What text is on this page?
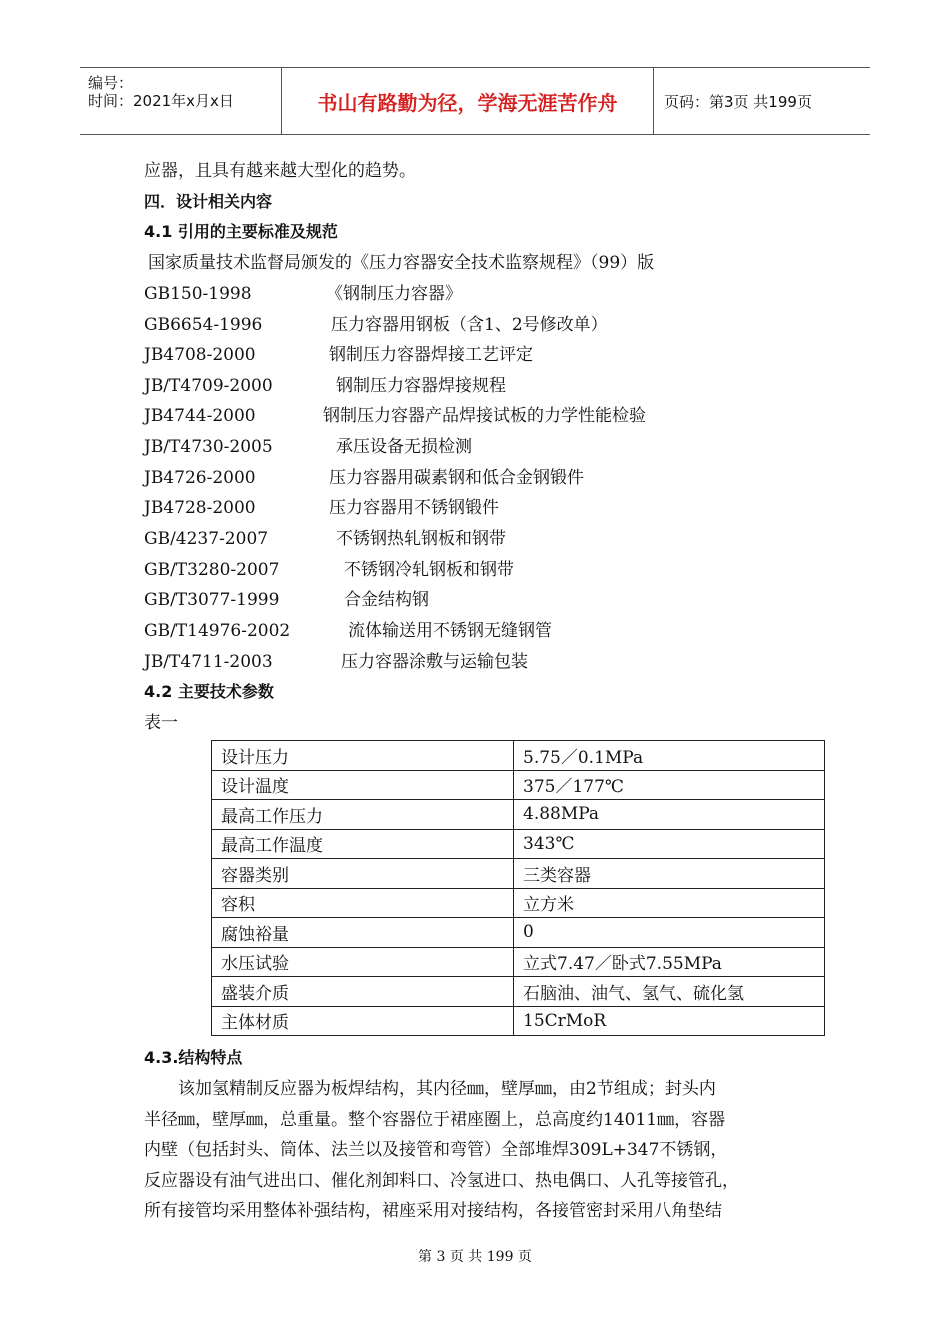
编号：
时间：2021年x月x日	书山有路勤为径，学海无涯苦作舟	页码：第3页 共199页
应器，且具有越来越大型化的趋势。
四．设计相关内容
4.1 引用的主要标准及规范
国家质量技术监督局颁发的《压力容器安全技术监察规程》（99）版
GB150-1998	《钢制压力容器》
GB6654-1996	压力容器用钢板（含1、2号修改单）
JB4708-2000	钢制压力容器焊接工艺评定
JB/T4709-2000	钢制压力容器焊接规程
JB4744-2000	钢制压力容器产品焊接试板的力学性能检验
JB/T4730-2005	承压设备无损检测
JB4726-2000	压力容器用碳素钢和低合金钢锻件
JB4728-2000	压力容器用不锈钢锻件
GB/4237-2007	不锈钢热轧钢板和钢带
GB/T3280-2007	不锈钢冷轧钢板和钢带
GB/T3077-1999	合金结构钢
GB/T14976-2002	流体输送用不锈钢无缝钢管
JB/T4711-2003	压力容器涂敷与运输包装
4.2 主要技术参数
表一
设计压力	5.75／0.1MPa
设计温度	375／177℃
最高工作压力	4.88MPa
最高工作温度	343℃
容器类别	三类容器
容积	立方米
腐蚀裕量	0
水压试验	立式7.47／卧式7.55MPa
盛装介质	石脑油、油气、氢气、硫化氢
主体材质	15CrMoR
4.3.结构特点

　　该加氢精制反应器为板焊结构，其内径㎜，壁厚㎜，由2节组成；封头内

半径㎜，壁厚㎜，总重量。整个容器位于裙座圈上，总高度约14011㎜，容器

内壁（包括封头、筒体、法兰以及接管和弯管）全部堆焊309L+347不锈钢，

反应器设有油气进出口、催化剂卸料口、冷氢进口、热电偶口、人孔等接管孔，

所有接管均采用整体补强结构，裙座采用对接结构，各接管密封采用八角垫结

第 3 页 共 199 页
